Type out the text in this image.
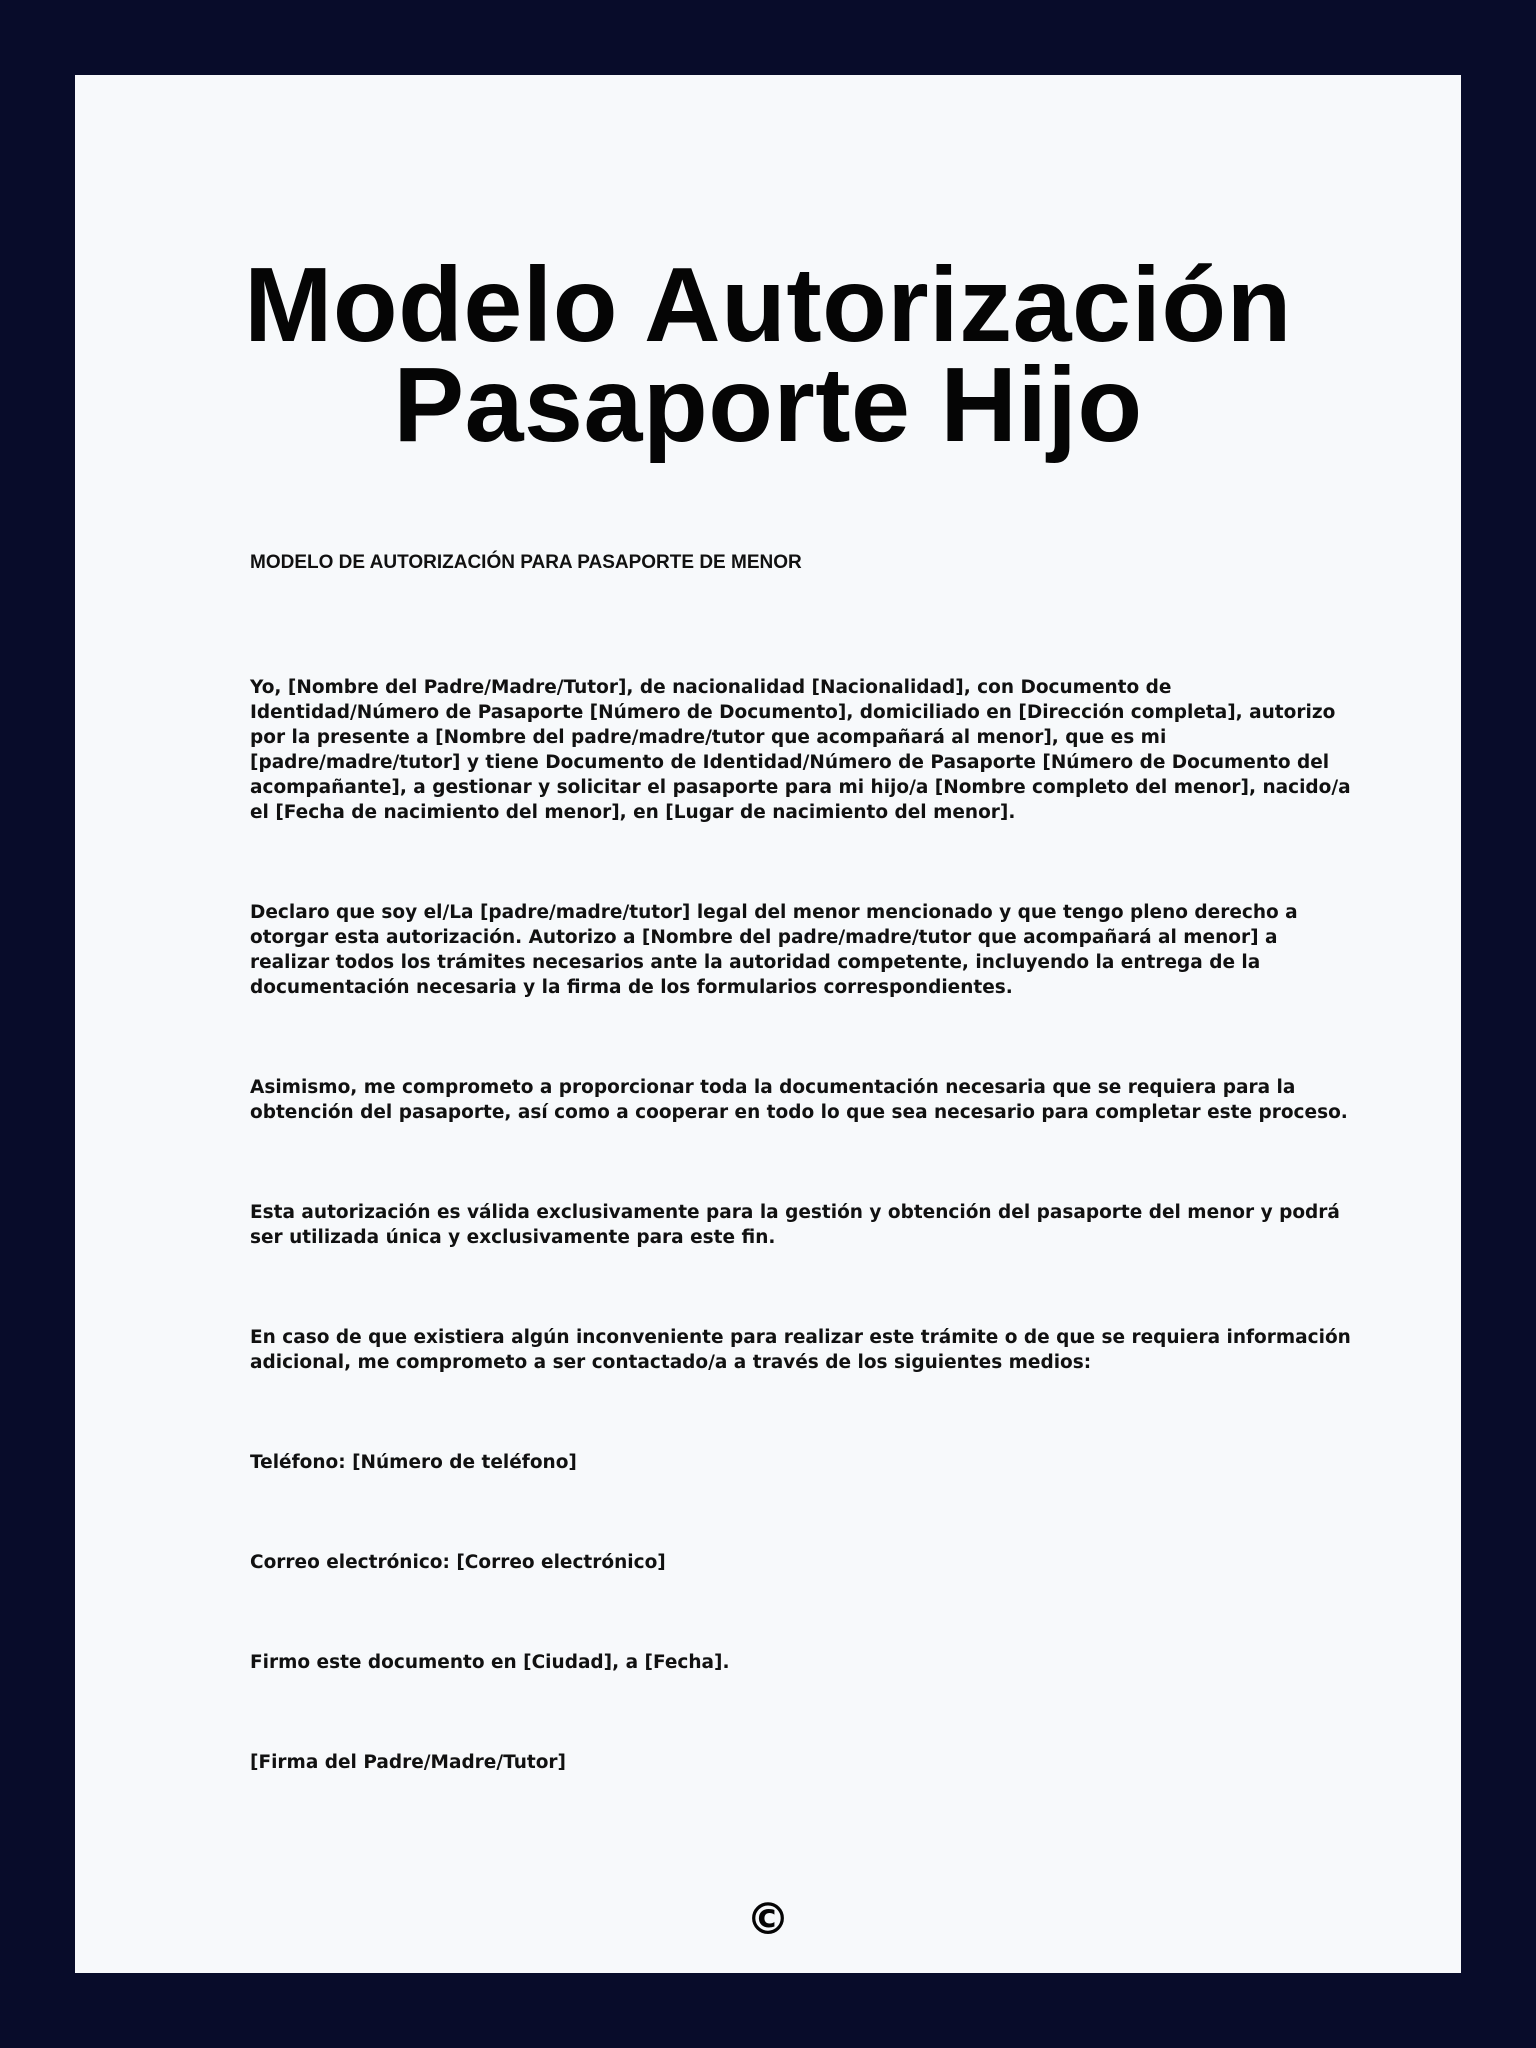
Modelo Autorización
Pasaporte Hijo

MODELO DE AUTORIZACIÓN PARA PASAPORTE DE MENOR

Yo, [Nombre del Padre/Madre/Tutor], de nacionalidad [Nacionalidad], con Documento de Identidad/Número de Pasaporte [Número de Documento], domiciliado en [Dirección completa], autorizo por la presente a [Nombre del padre/madre/tutor que acompañará al menor], que es mi [padre/madre/tutor] y tiene Documento de Identidad/Número de Pasaporte [Número de Documento del acompañante], a gestionar y solicitar el pasaporte para mi hijo/a [Nombre completo del menor], nacido/a el [Fecha de nacimiento del menor], en [Lugar de nacimiento del menor].

Declaro que soy el/La [padre/madre/tutor] legal del menor mencionado y que tengo pleno derecho a otorgar esta autorización. Autorizo a [Nombre del padre/madre/tutor que acompañará al menor] a realizar todos los trámites necesarios ante la autoridad competente, incluyendo la entrega de la documentación necesaria y la firma de los formularios correspondientes.

Asimismo, me comprometo a proporcionar toda la documentación necesaria que se requiera para la obtención del pasaporte, así como a cooperar en todo lo que sea necesario para completar este proceso.

Esta autorización es válida exclusivamente para la gestión y obtención del pasaporte del menor y podrá ser utilizada única y exclusivamente para este fin.

En caso de que existiera algún inconveniente para realizar este trámite o de que se requiera información adicional, me comprometo a ser contactado/a a través de los siguientes medios:

Teléfono: [Número de teléfono]

Correo electrónico: [Correo electrónico]

Firmo este documento en [Ciudad], a [Fecha].

[Firma del Padre/Madre/Tutor]

©
